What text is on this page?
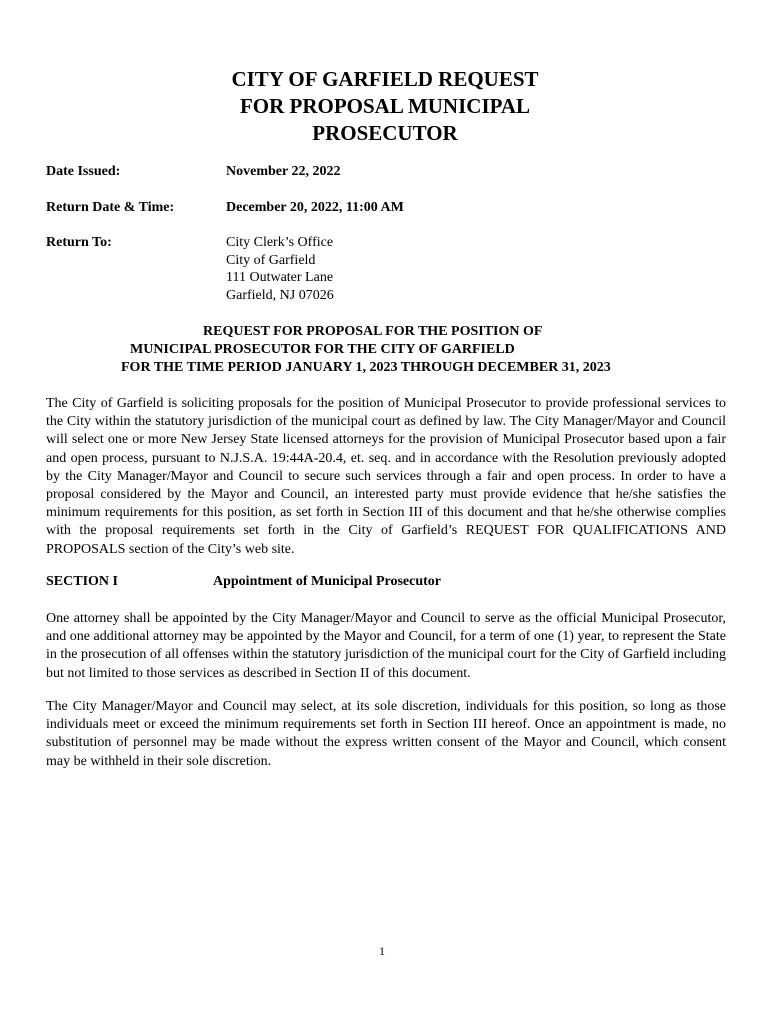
CITY OF GARFIELD REQUEST
FOR PROPOSAL MUNICIPAL
PROSECUTOR
Date Issued:	November 22, 2022
Return Date & Time:	December 20, 2022, 11:00 AM
Return To:	City Clerk’s Office
City of Garfield
111 Outwater Lane
Garfield, NJ 07026
REQUEST FOR PROPOSAL FOR THE POSITION OF
MUNICIPAL PROSECUTOR FOR THE CITY OF GARFIELD
FOR THE TIME PERIOD JANUARY 1, 2023 THROUGH DECEMBER 31, 2023

The City of Garfield is soliciting proposals for the position of Municipal Prosecutor to provide professional services to the City within the statutory jurisdiction of the municipal court as defined by law. The City Manager/Mayor and Council will select one or more New Jersey State licensed attorneys for the provision of Municipal Prosecutor based upon a fair and open process, pursuant to N.J.S.A. 19:44A-20.4, et. seq. and in accordance with the Resolution previously adopted by the City Manager/Mayor and Council to secure such services through a fair and open process. In order to have a proposal considered by the Mayor and Council, an interested party must provide evidence that he/she satisfies the minimum requirements for this position, as set forth in Section III of this document and that he/she otherwise complies with the proposal requirements set forth in the City of Garfield’s REQUEST FOR QUALIFICATIONS AND PROPOSALS section of the City’s web site.

SECTION I	Appointment of Municipal Prosecutor

One attorney shall be appointed by the City Manager/Mayor and Council to serve as the official Municipal Prosecutor, and one additional attorney may be appointed by the Mayor and Council, for a term of one (1) year, to represent the State in the prosecution of all offenses within the statutory jurisdiction of the municipal court for the City of Garfield including but not limited to those services as described in Section II of this document.

The City Manager/Mayor and Council may select, at its sole discretion, individuals for this position, so long as those individuals meet or exceed the minimum requirements set forth in Section III hereof. Once an appointment is made, no substitution of personnel may be made without the express written consent of the Mayor and Council, which consent may be withheld in their sole discretion.

1
